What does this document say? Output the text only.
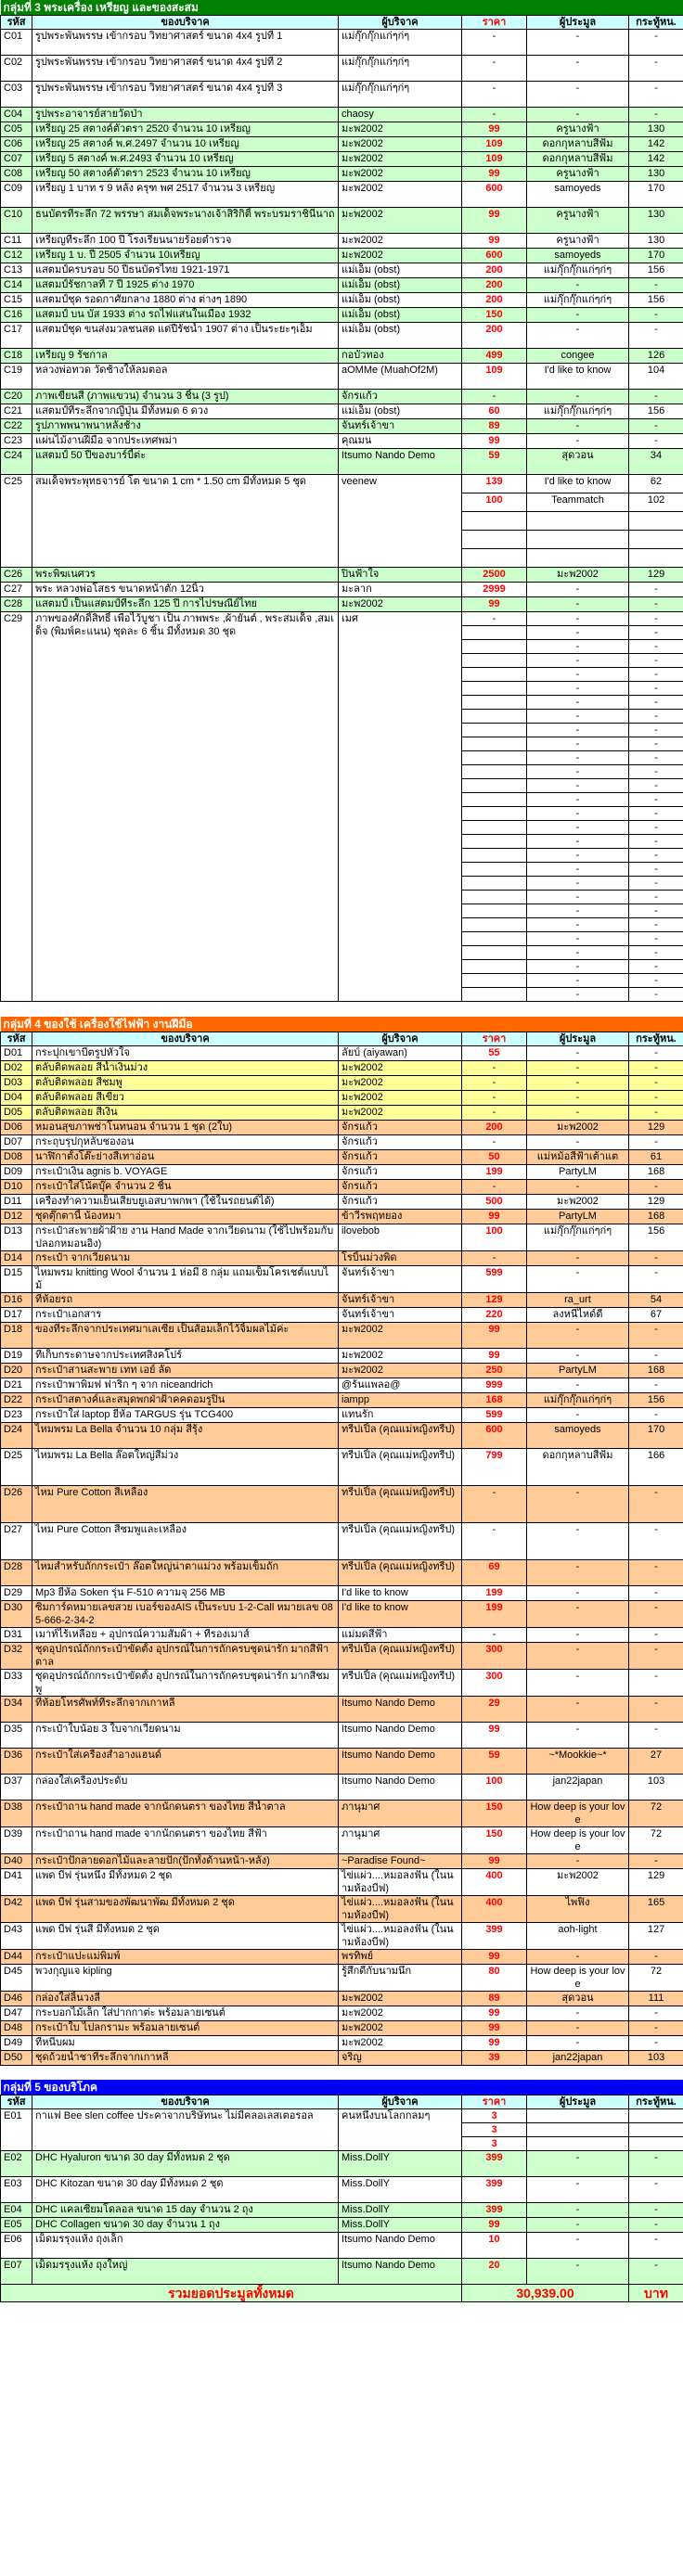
กลุ่มที่ 3 พระเครื่อง เหรียญ และของสะสม					
รหัส	ของบริจาค	ผู้บริจาค	ราคา	ผู้ประมูล	กระทู้หน.
C01	รูปพระพันพรรษ เข้ากรอบ วิทยาศาสตร์ ขนาด 4x4 รูปที่ 1	แม่กุ๊กกุ๊กแก่ๆก่ๆ	-	-	-
C02	รูปพระพันพรรษ เข้ากรอบ วิทยาศาสตร์ ขนาด 4x4 รูปที่ 2	แม่กุ๊กกุ๊กแก่ๆก่ๆ	-	-	-
C03	รูปพระพันพรรษ เข้ากรอบ วิทยาศาสตร์ ขนาด 4x4 รูปที่ 3	แม่กุ๊กกุ๊กแก่ๆก่ๆ	-	-	-
C04	รูปพระอาจารย์สายวัดป่า	chaosy	-	-	-
C05	เหรียญ 25 สตางค์ตัวตรา 2520 จำนวน 10 เหรียญ	มะพ2002	99	ครูนางฟ้า	130
C06	เหรียญ 25 สตางค์ พ.ศ.2497 จำนวน 10 เหรียญ	มะพ2002	109	ดอกกุหลาบสีฟ้ม	142
C07	เหรียญ 5 สตางค์ พ.ศ.2493 จำนวน 10 เหรียญ	มะพ2002	109	ดอกกุหลาบสีฟ้ม	142
C08	เหรียญ 50 สตางค์ตัวตรา 2523 จำนวน 10 เหรียญ	มะพ2002	99	ครูนางฟ้า	130
C09	เหรียญ 1 บาท ร 9 หลัง ครุฑ พศ 2517 จำนวน 3 เหรียญ	มะพ2002	600	samoyeds	170
C10	ธนบัตรที่ระลึก 72 พรรษา สมเด็จพระนางเจ้าสิริกิติ์ พระบรมราชินีนาถ	มะพ2002	99	ครูนางฟ้า	130
C11	เหรียญที่ระลึก 100 ปี โรงเรียนนายร้อยตำรวจ	มะพ2002	99	ครูนางฟ้า	130
C12	เหรียญ 1 บ. ปี 2505 จำนวน 10เหรียญ	มะพ2002	600	samoyeds	170
C13	แสตมป์ครบรอบ 50 ปีธนบัตรไทย 1921-1971	แม่เอ็ม (obst)	200	แม่กุ๊กกุ๊กแก่ๆก่ๆ	156
C14	แสตมป์รัชกาลที่ 7 ปี 1925 ต่าง 1970	แม่เอ็ม (obst)	200	-	-
C15	แสตมป์ชุด รอดกาศัยกลาง 1880 ต่าง ต่างๆ 1890	แม่เอ็ม (obst)	200	แม่กุ๊กกุ๊กแก่ๆก่ๆ	156
C16	แสตมป์ บน บัส 1933 ต่าง รถไฟแสนในเมือง 1932	แม่เอ็ม (obst)	150	-	-
C17	แสตมป์ชุด ขนส่งมวลชนสด แด่ปีรัชน้ำ 1907 ต่าง เป็นระยะๆเอ็ม	แม่เอ็ม (obst)	200	-	-
C18	เหรียญ 9 รัชกาล	กอบัวทอง	499	congee	126
C19	หลวงพ่อทวด วัดช้างให้ลมตอล	aOMMe (MuahOf2M)	109	I'd like to know	104
C20	ภาพเขียนสี (ภาพแขวน) จำนวน 3 ชิ้น (3 รูป)	จักรแก้ว	-	-	-
C21	แสตมป์ที่ระลึกจากญี่ปุ่น มีทั้งหมด 6 ดวง	แม่เอ็ม (obst)	60	แม่กุ๊กกุ๊กแก่ๆก่ๆ	156
C22	รูปภาพพนาพนาหลังช้าง	จันทร์เจ้าขา	89	-	-
C23	แผ่นไม้งานฝีมือ จากประเทศพม่า	คุณมน	99	-	-
C24	แสตมป์ 50 ปีของบาร์บี้ต่ะ	Itsumo Nando Demo	59	สุดวอน	34
C25	สมเด็จพระพุทธจารย์ โต ขนาด 1 cm * 1.50 cm มีทั้งหมด 5 ชุด	veenew	139	I'd like to know	62
			100	Teammatch	102

C26	พระพิฆเนศวร	ปิ่นฟ้าใจ	2500	มะพ2002	129
C27	พระ หลวงพ่อโสธร ขนาดหน้าตัก 12นิ้ว	มะลาก	2999	-	-
C28	แสตมป์ เป็นแสตมป์ที่ระลึก 125 ปี การไปรษณีย์ไทย	มะพ2002	99	-	-
C29	ภาพของศักดิ์สิทธิ์ เพื่อไว้บูชา เป็น ภาพพระ ,ผ้ายันต์ , พระสมเด็จ ,สมเด็จ (พิมพ์คะแนน) ชุดละ 6 ชิ้น มีทั้งหมด 30 ชุด	เมศ	-	-	-
				-	-
				-	-
				-	-
				-	-
				-	-
				-	-
				-	-
				-	-
				-	-
				-	-
				-	-
				-	-
				-	-
				-	-
				-	-
				-	-
				-	-
				-	-
				-	-
				-	-
				-	-
				-	-
				-	-
				-	-
				-	-
				-	-
				-	-

กลุ่มที่ 4 ของใช้ เครื่องใช้ไฟฟ้า งานฝีมือ					
รหัส	ของบริจาค	ผู้บริจาค	ราคา	ผู้ประมูล	กระทู้หน.
D01	กระปุกเขาบีตรูปหัวใจ	ลัยบ์ (aiyawan)	55	-	-
D02	ตลับติดพลอย สีน้ำเงินม่วง	มะพ2002	-	-	-
D03	ตลับติดพลอย สีชมพู	มะพ2002	-	-	-
D04	ตลับติดพลอย สีเขียว	มะพ2002	-	-	-
D05	ตลับติดพลอย สีเงิน	มะพ2002	-	-	-
D06	หมอนสุขภาพช่าโนทนอน จำนวน 1 ชุด (2ใบ)	จักรแก้ว	200	มะพ2002	129
D07	กระถุบรุปกุหลับชองอน	จักรแก้ว	-	-	-
D08	นาฬิกาตั้งโต๊ะย่างสีเทาอ่อน	จักรแก้ว	50	แม่หม้อสีฟ้าเต้าแต	61
D09	กระเป๋าเงิน agnis b. VOYAGE	จักรแก้ว	199	PartyLM	168
D10	กระเป๋าใส่โน้ตบุ๊ค จำนวน 2 ชิ้น	จักรแก้ว	-	-	-
D11	เครื่องทำความเย็นเสียบยูเอสบาพกพา (ใช้ในรถยนต์ได้)	จักรแก้ว	500	มะพ2002	129
D12	ชุดตุ๊กตานี้ น้องหมา	ข้าวีรพฤทยอง	99	PartyLM	168
D13	กระเป๋าสะพายผ้าฝ้าย งาน Hand Made จากเวียดนาม (ใช้ไปพร้อมกับปลอกหมอนอิง)	ilovebob	100	แม่กุ๊กกุ๊กแก่ๆก่ๆ	156
D14	กระเป๋า จากเวียดนาม	โรบิ้นม่วงพิด	-	-	-
D15	ไหมพรม knitting Wool จำนวน 1 ห่อมี 8 กลุ่ม แถมเข็มโครเชต์แบบไม้	จันทร์เจ้าขา	599	-	-
D16	ที่ห้อยรถ	จันทร์เจ้าขา	129	ra_urt	54
D17	กระเป๋าเอกสาร	จันทร์เจ้าขา	220	ลงหนีไหด์ดี	67
D18	ของที่ระลึกจากประเทศมาเลเซีย เป็นส้อมเล็กไว้จิ้มผลไม้ค่ะ	มะพ2002	99	-	-
D19	ที่เก็บกระดาษจากประเทศสิงคโปร์	มะพ2002	99	-	-
D20	กระเป๋าสานสะพาย เทท เอย์ ลัด	มะพ2002	250	PartyLM	168
D21	กระเป๋าพาพิ่มฟ ฟาริก ๆ จาก niceandrich	@ร้นแพลอ@	999	-	-
D22	กระเป๋าสตางค์และสมุดพกฝ่าฝ้าคคดอมรูปิน	iampp	168	แม่กุ๊กกุ๊กแก่ๆก่ๆ	156
D23	กระเป๋าใส่ laptop ยี่ห้อ TARGUS รุ่น TCG400	แทนรัก	599	-	-
D24	ไหมพรม La Bella จำนวน 10 กลุ่ม สีรุ้ง	ทรีปเปิ้ล (คุณแม่หญิงทรีป)	600	samoyeds	170
D25	ไหมพรม La Bella ล๊อตใหญ่สีม่วง	ทรีปเปิ้ล (คุณแม่หญิงทรีป)	799	ดอกกุหลาบสีฟ้ม	166
D26	ไหม Pure Cotton สีเหลือง	ทรีปเปิ้ล (คุณแม่หญิงทรีป)	-	-	-
D27	ไหม Pure Cotton สีชมพูและเหลือง	ทรีปเปิ้ล (คุณแม่หญิงทรีป)	-	-	-
D28	ไหมสำหรับถักกระเป๋า ล๊อตใหญ่น่าตาแม่วง พร้อมเข็มถัก	ทรีปเปิ้ล (คุณแม่หญิงทรีป)	69	-	-
D29	Mp3 ยี่ห้อ Soken รุ่น F-510 ความจุ 256 MB	I'd like to know	199	-	-
D30	ซิมการ์ดหมายเลขสวย เบอร์ของAIS เป็นระบบ 1-2-Call หมายเลข 085-666-2-34-2	I'd like to know	199	-	-
D31	เมาท์ไร้เหลือย + อุปกรณ์ความสัมผ้า + ที่รองเมาส์	แม่มดสีฟ้า	-	-	-
D32	ชุดอุปกรณ์ถักกระเป๋าขัดตั้ง อุปกรณ์ในการถักครบชุดน่ารัก มากสีฟ้าตาล	ทรีปเปิ้ล (คุณแม่หญิงทรีป)	300	-	-
D33	ชุดอุปกรณ์ถักกระเป๋าขัดตั้ง อุปกรณ์ในการถักครบชุดน่ารัก มากสีชมพู	ทรีปเปิ้ล (คุณแม่หญิงทรีป)	300	-	-
D34	ที่ห้อยโทรศัพท์ที่ระลึกจากเกาหลี	Itsumo Nando Demo	29	-	-
D35	กระเป๋าใบน้อย 3 ใบจากเวียดนาม	Itsumo Nando Demo	99	-	-
D36	กระเป๋าใส่เครื่องสำอางแฮนด์	Itsumo Nando Demo	59	~*Mookkie~*	27
D37	กล่องใส่เครื่องประดับ	Itsumo Nando Demo	100	jan22japan	103
D38	กระเป๋าถาน hand made จากนักดนตรา ของไทย สีน้ำตาล	ภานุมาศ	150	How deep is your love	72
D39	กระเป๋าถาน hand made จากนักดนตรา ของไทย สีฟ้า	ภานุมาศ	150	How deep is your love	72
D40	กระเป๋าปักลายดอกไม้และลายปัก(ปักทั้งด้านหน้า-หลัง)	~Paradise Found~	99	-	-
D41	แพด บีฟ รุ่นหนึ่ง มีทั้งหมด 2 ชุด	ไข่แผ่ว....หมอลงฟัน (ในนามห้องบีฟ)	400	มะพ2002	129
D42	แพด บีฟ รุ่นสามของพัฒนาพัฒ มีทั้งหมด 2 ชุด	ไข่แผ่ว....หมอลงฟัน (ในนามห้องบีฟ)	400	ไพฟิง	165
D43	แพด บีฟ รุ่นสี่ มีทั้งหมด 2 ชุด	ไข่แผ่ว....หมอลงฟัน (ในนามห้องบีฟ)	399	aoh-light	127
D44	กระเป๋าแปะแม่พิมพ์	พรทิพย์	99	-	-
D45	พวงกุญแจ kipling	รู้สึกดีกับนามนึก	80	How deep is your love	72
D46	กล่องใส่ลิ้นวงลี	มะพ2002	89	สุดวอน	111
D47	กระบอกไม้เล็ก ใส่ปากกาต่ะ พร้อมลายเซนต์	มะพ2002	99	-	-
D48	กระเป๋าใบ ไปลกรามะ พร้อมลายเซนต์	มะพ2002	99	-	-
D49	ที่หนีบผม	มะพ2002	99	-	-
D50	ชุดถ้วยน้ำชาที่ระลึกจากเกาหลี	จริญ	39	jan22japan	103

กลุ่มที่ 5 ของบริโภค					
รหัส	ของบริจาค	ผู้บริจาค	ราคา	ผู้ประมูล	กระทู้หน.
E01	กาแฟ Bee slen coffee ประคาจากบริษัทนะ ไม่มีคลอเลสเตอรอล	คนหนึ่งบนโลกกลมๆ	3		
			3		
			3		
E02	DHC Hyaluron ขนาด 30 day มีทั้งหมด 2 ชุด	Miss.DollY	399	-	-
E03	DHC Kitozan ขนาด 30 day มีทั้งหมด 2 ชุด	Miss.DollY	399	-	-
E04	DHC แคลเซียมโดลอล ขนาด 15 day จำนวน 2 ถุง	Miss.DollY	399	-	-
E05	DHC Collagen ขนาด 30 day จำนวน 1 ถุง	Miss.DollY	99	-	-
E06	เม็ดมรรุงแห้ง ถุงเล็ก	Itsumo Nando Demo	10	-	-
E07	เม็ดมรรุงแห้ง ถุงใหญ่	Itsumo Nando Demo	20	-	-
รวมยอดประมูลทั้งหมด			30,939.00		บาท
